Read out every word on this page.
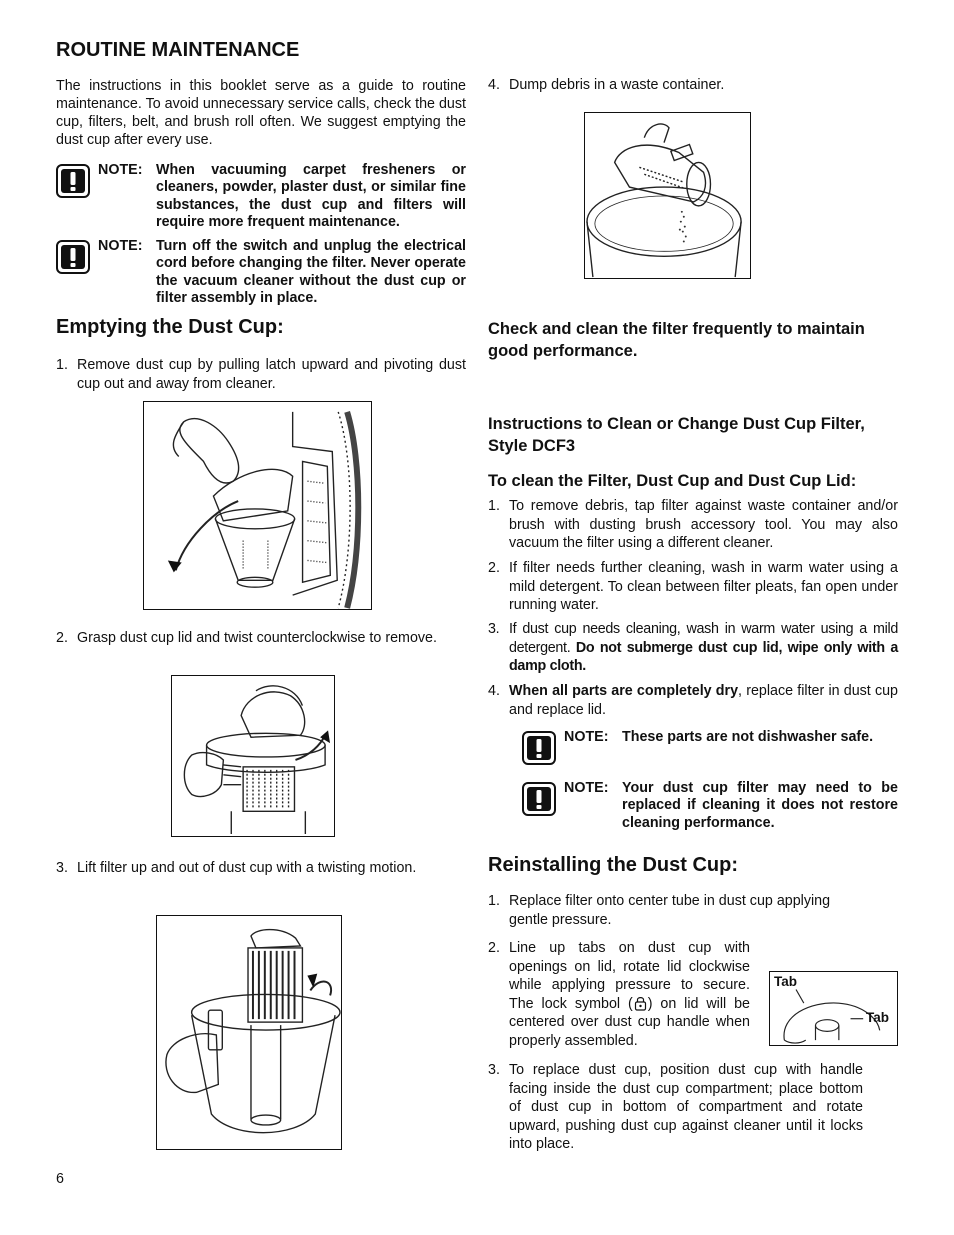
ROUTINE MAINTENANCE

The instructions in this booklet serve as a guide to routine maintenance. To avoid unnecessary service calls, check the dust cup, filters, belt, and brush roll often. We suggest emptying the dust cup after every use.

NOTE: When vacuuming carpet fresheners or cleaners, powder, plaster dust, or similar fine substances, the dust cup and filters will require more frequent maintenance.
NOTE: Turn off the switch and unplug the electrical cord before changing the filter. Never operate the vacuum cleaner without the dust cup or filter assembly in place.
Emptying the Dust Cup:
1. Remove dust cup by pulling latch upward and pivoting dust cup out and away from cleaner.
2. Grasp dust cup lid and twist counterclockwise to remove.
3. Lift filter up and out of dust cup with a twisting motion.
6
4. Dump debris in a waste container.
Check and clean the filter frequently to maintain good performance.
Instructions to Clean or Change Dust Cup Filter, Style DCF3
To clean the Filter, Dust Cup and Dust Cup Lid:
1. To remove debris, tap filter against waste container and/or brush with dusting brush accessory tool. You may also vacuum the filter using a different cleaner.
2. If filter needs further cleaning, wash in warm water using a mild detergent. To clean between filter pleats, fan open under running water.
3. If dust cup needs cleaning, wash in warm water using a mild detergent. Do not submerge dust cup lid, wipe only with a damp cloth.
4. When all parts are completely dry, replace filter in dust cup and replace lid.
NOTE: These parts are not dishwasher safe.
NOTE: Your dust cup filter may need to be replaced if cleaning it does not restore cleaning performance.
Reinstalling the Dust Cup:
1. Replace filter onto center tube in dust cup applying gentle pressure.
2. Line up tabs on dust cup with openings on lid, rotate lid clockwise while applying pressure to secure. The lock symbol ( ) on lid will be centered over dust cup handle when properly assembled.
Tab
Tab
3. To replace dust cup, position dust cup with handle facing inside the dust cup compartment; place bottom of dust cup in bottom of compartment and rotate upward, pushing dust cup against cleaner until it locks into place.
